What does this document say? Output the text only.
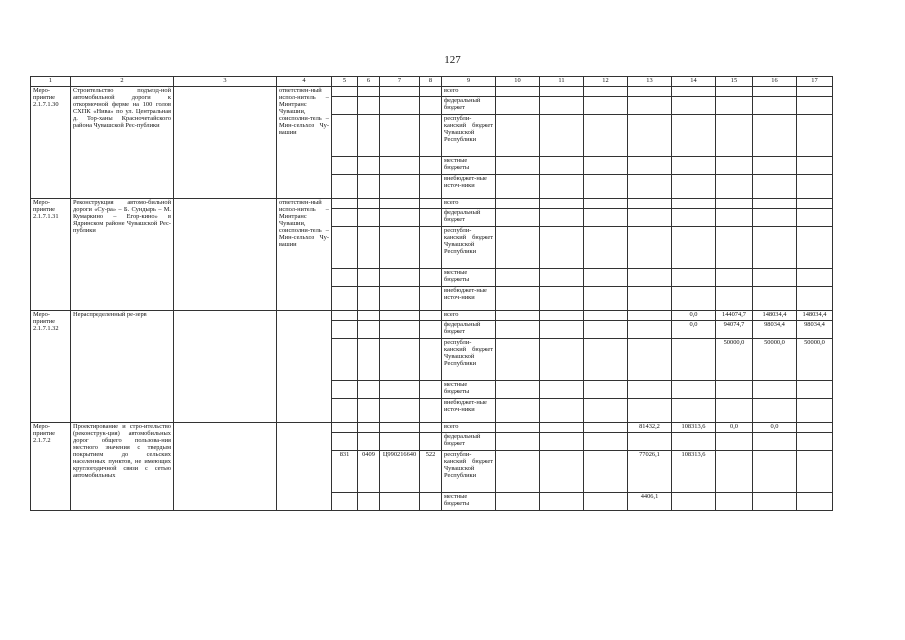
127
1	2	3	4	5	6	7	8	9	10	11	12	13	14	15	16	17
Меро-приятие 2.1.7.1.30	Строительство подъезд-ной автомобильной дороги к откормочной ферме на 100 голов СХПК «Нива» по ул. Центральная д. Тор-ханы Красночетайского района Чувашской Рес-публики		ответствен-ный испол-нитель – Минтранс Чувашии, соисполни-тель – Мин-сельхоз Чу-вашии					всего								
								федеральный бюджет								
								республи-канский бюджет Чувашской Республики								
								местные бюджеты								
								внебюджет-ные источ-ники								
Меро-приятие 2.1.7.1.31	Реконструкция автомо-бильной дороги «Су-ра» – Б. Сундырь – М. Кумаркино – Егор-кино» в Ядринском районе Чувашской Рес-публики		ответствен-ный испол-нитель – Минтранс Чувашии, соисполни-тель – Мин-сельхоз Чу-вашии					всего								
								федеральный бюджет								
								республи-канский бюджет Чувашской Республики								
								местные бюджеты								
								внебюджет-ные источ-ники								
Меро-приятие 2.1.7.1.32	Нераспределенный ре-зерв							всего					0,0	144074,7	148034,4	148034,4
								федеральный бюджет					0,0	94074,7	98034,4	98034,4
								республи-канский бюджет Чувашской Республики						50000,0	50000,0	50000,0
								местные бюджеты								
								внебюджет-ные источ-ники								
Меро-приятие 2.1.7.2	Проектирование и стро-ительство (реконструк-ция) автомобильных дорог общего пользова-ния местного значения с твердым покрытием до сельских населенных пунктов, не имеющих круглогодичной связи с сетью автомобильных							всего				81432,2	108313,6	0,0	0,0	
								федеральный бюджет								
				831	0409	Ц990216640	522	республи-канский бюджет Чувашской Республики				77026,1	108313,6			
								местные бюджеты				4406,1				
